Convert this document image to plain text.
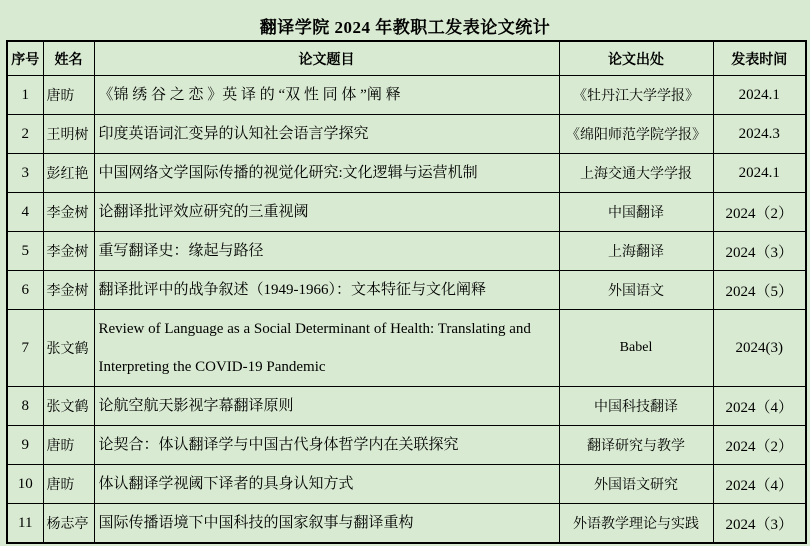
翻译学院 2024 年教职工发表论文统计
序号	姓名	论文题目	论文出处	发表时间
1	唐昉	《锦 绣 谷 之 恋 》英 译 的 “双 性 同 体 ”阐 释	《牡丹江大学学报》	2024.1
2	王明树	印度英语词汇变异的认知社会语言学探究	《绵阳师范学院学报》	2024.3
3	彭红艳	中国网络文学国际传播的视觉化研究:文化逻辑与运营机制	上海交通大学学报	2024.1
4	李金树	论翻译批评效应研究的三重视阈	中国翻译	2024（2）
5	李金树	重写翻译史：缘起与路径	上海翻译	2024（3）
6	李金树	翻译批评中的战争叙述（1949-1966）：文本特征与文化阐释	外国语文	2024（5）
7	张文鹤	Review of Language as a Social Determinant of Health: Translating and Interpreting the COVID-19 Pandemic	Babel	2024(3)
8	张文鹤	论航空航天影视字幕翻译原则	中国科技翻译	2024（4）
9	唐昉	论契合：体认翻译学与中国古代身体哲学内在关联探究	翻译研究与教学	2024（2）
10	唐昉	体认翻译学视阈下译者的具身认知方式	外国语文研究	2024（4）
11	杨志亭	国际传播语境下中国科技的国家叙事与翻译重构	外语教学理论与实践	2024（3）
